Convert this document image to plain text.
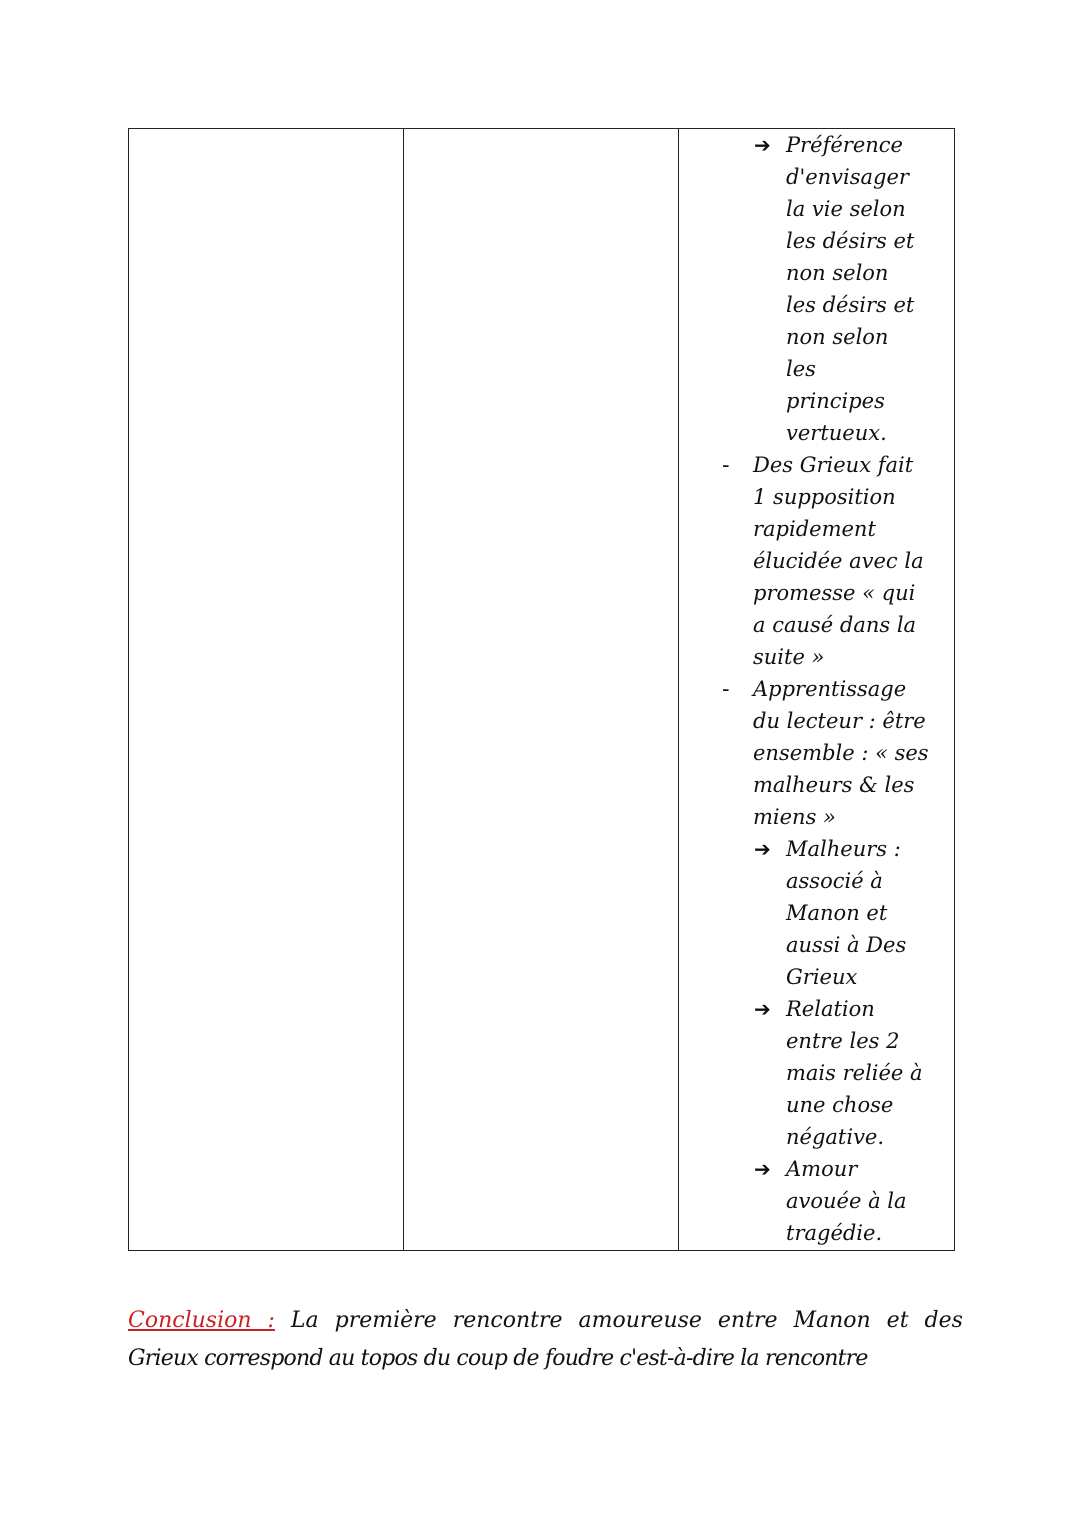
➔ Préférence
d'envisager
la vie selon
les désirs et
non selon
les désirs et
non selon
les
principes
vertueux.
- Des Grieux fait
1 supposition
rapidement
élucidée avec la
promesse « qui
a causé dans la
suite »
- Apprentissage
du lecteur : être
ensemble : « ses
malheurs & les
miens »
➔ Malheurs :
associé à
Manon et
aussi à Des
Grieux
➔ Relation
entre les 2
mais reliée à
une chose
négative.
➔ Amour
avouée à la
tragédie.
Conclusion : La première rencontre amoureuse entre Manon et des
Grieux correspond au topos du coup de foudre c'est-à-dire la rencontre
